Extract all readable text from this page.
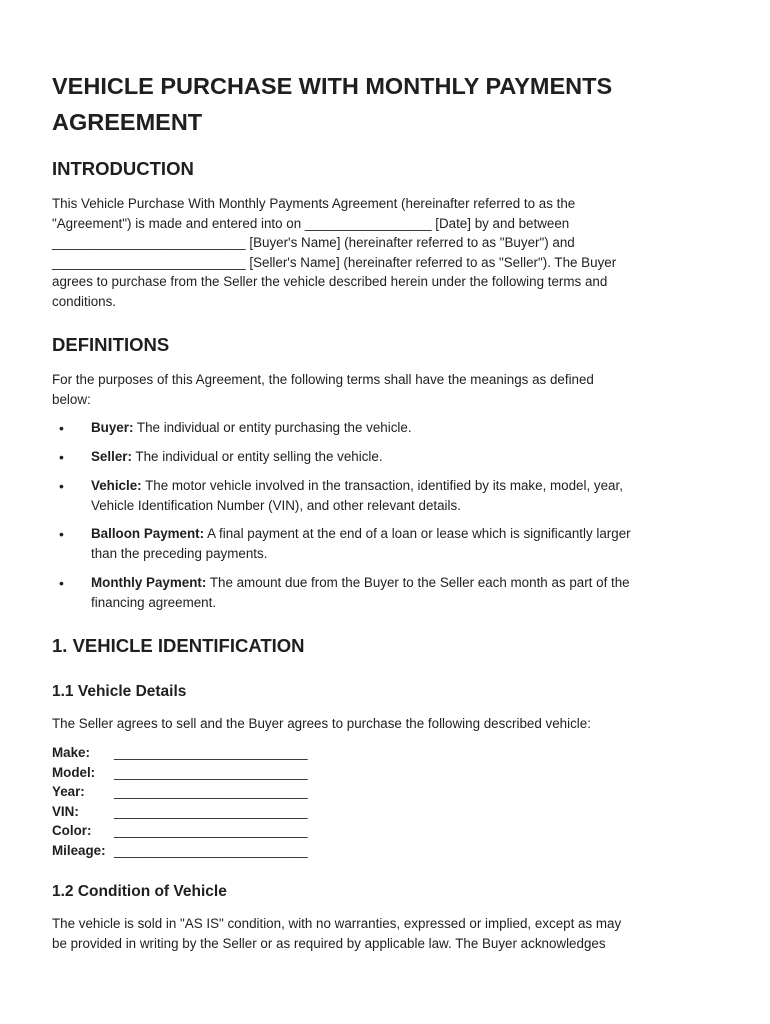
VEHICLE PURCHASE WITH MONTHLY PAYMENTS AGREEMENT
INTRODUCTION

This Vehicle Purchase With Monthly Payments Agreement (hereinafter referred to as the

"Agreement") is made and entered into on _________________ [Date] by and between

__________________________ [Buyer's Name] (hereinafter referred to as "Buyer") and

__________________________ [Seller's Name] (hereinafter referred to as "Seller"). The Buyer

agrees to purchase from the Seller the vehicle described herein under the following terms and

conditions.

DEFINITIONS

For the purposes of this Agreement, the following terms shall have the meanings as defined

below:

• Buyer: The individual or entity purchasing the vehicle.
• Seller: The individual or entity selling the vehicle.
• Vehicle: The motor vehicle involved in the transaction, identified by its make, model, year,
Vehicle Identification Number (VIN), and other relevant details.
• Balloon Payment: A final payment at the end of a loan or lease which is significantly larger
than the preceding payments.
• Monthly Payment: The amount due from the Buyer to the Seller each month as part of the
financing agreement.
1. VEHICLE IDENTIFICATION
1.1 Vehicle Details

The Seller agrees to sell and the Buyer agrees to purchase the following described vehicle:

Make: __________________________
Model: __________________________
Year: __________________________
VIN:	__________________________
Color: __________________________
Mileage: __________________________
1.2 Condition of Vehicle

The vehicle is sold in "AS IS" condition, with no warranties, expressed or implied, except as may

be provided in writing by the Seller or as required by applicable law. The Buyer acknowledges
